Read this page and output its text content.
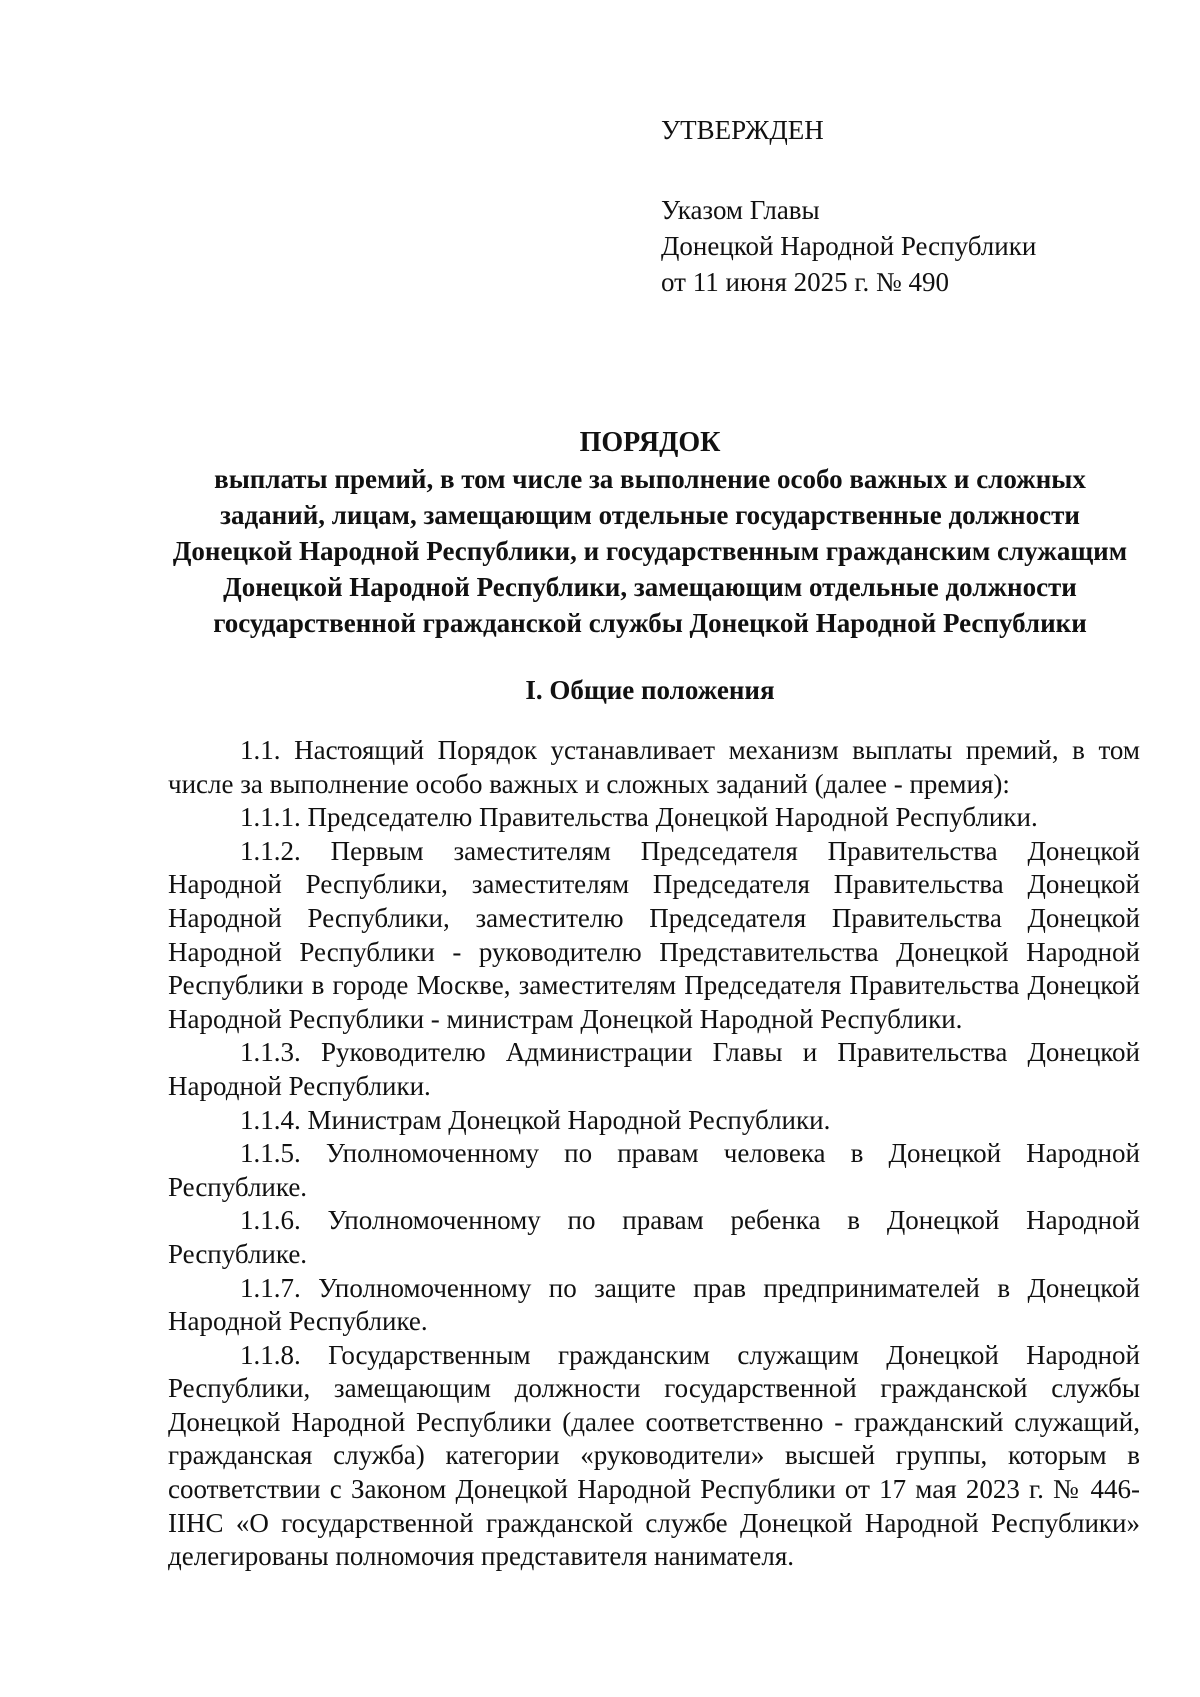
УТВЕРЖДЕН
Указом Главы
Донецкой Народной Республики
от 11 июня 2025 г. № 490
ПОРЯДОК
выплаты премий, в том числе за выполнение особо важных и сложных
заданий, лицам, замещающим отдельные государственные должности
Донецкой Народной Республики, и государственным гражданским служащим
Донецкой Народной Республики, замещающим отдельные должности
государственной гражданской службы Донецкой Народной Республики
I. Общие положения

1.1. Настоящий Порядок устанавливает механизм выплаты премий, в том числе за выполнение особо важных и сложных заданий (далее - премия):

1.1.1. Председателю Правительства Донецкой Народной Республики.

1.1.2. Первым заместителям Председателя Правительства Донецкой Народной Республики, заместителям Председателя Правительства Донецкой Народной Республики, заместителю Председателя Правительства Донецкой Народной Республики - руководителю Представительства Донецкой Народной Республики в городе Москве, заместителям Председателя Правительства Донецкой Народной Республики - министрам Донецкой Народной Республики.

1.1.3. Руководителю Администрации Главы и Правительства Донецкой Народной Республики.

1.1.4. Министрам Донецкой Народной Республики.

1.1.5. Уполномоченному по правам человека в Донецкой Народной Республике.

1.1.6. Уполномоченному по правам ребенка в Донецкой Народной Республике.

1.1.7. Уполномоченному по защите прав предпринимателей в Донецкой Народной Республике.

1.1.8. Государственным гражданским служащим Донецкой Народной Республики, замещающим должности государственной гражданской службы Донецкой Народной Республики (далее соответственно - гражданский служащий, гражданская служба) категории «руководители» высшей группы, которым в соответствии с Законом Донецкой Народной Республики от 17 мая 2023 г. № 446-IIНС «О государственной гражданской службе Донецкой Народной Республики» делегированы полномочия представителя нанимателя.
